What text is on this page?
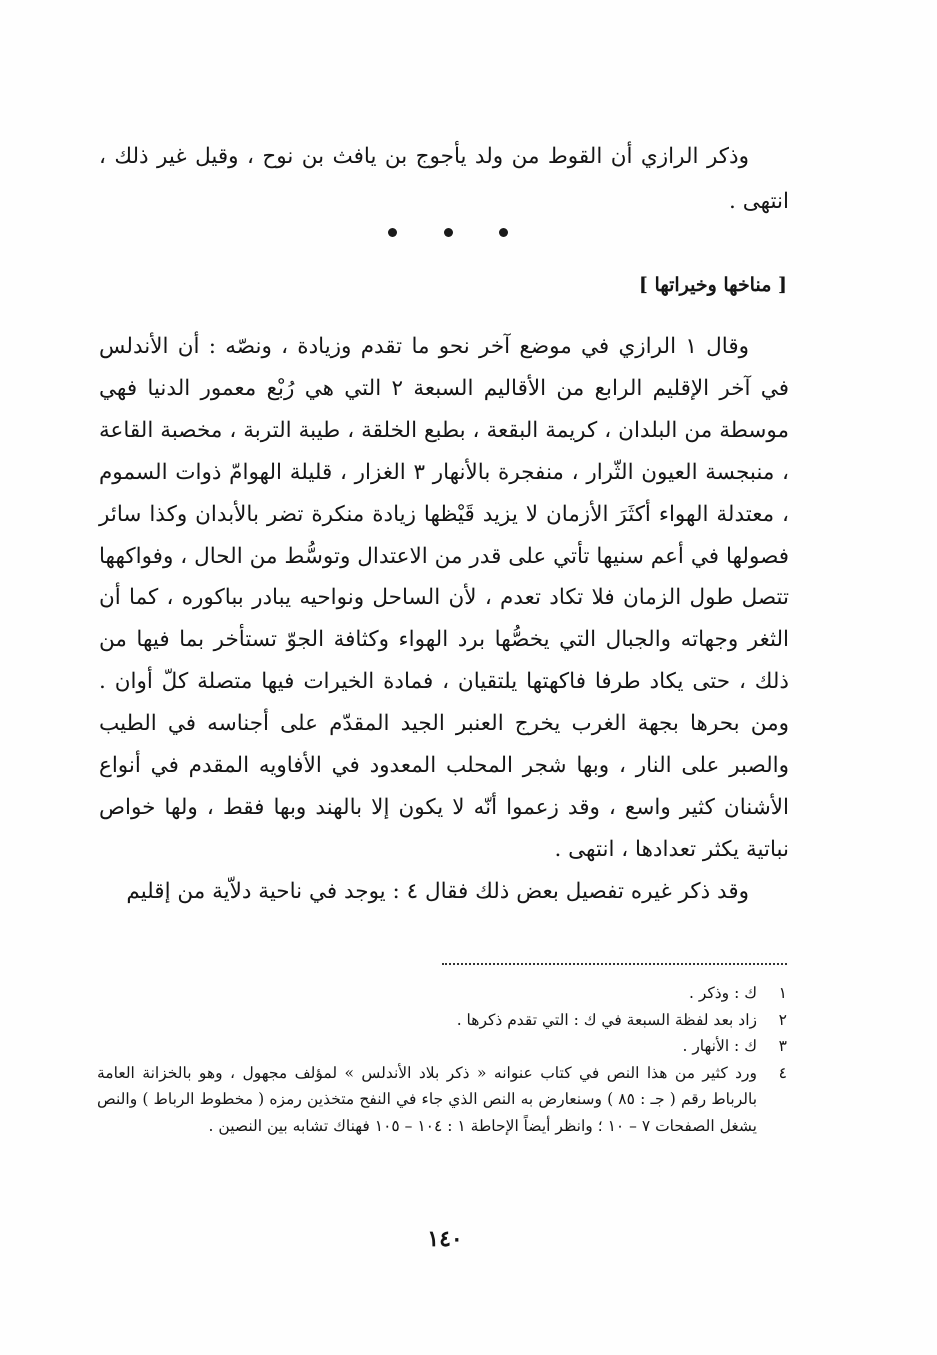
وذكر الرازي أن القوط من ولد يأجوج بن يافث بن نوح ، وقيل غير ذلك ، انتهى .
[ مناخها وخيراتها ]

وقال ١ الرازي في موضع آخر نحو ما تقدم وزيادة ، ونصّه : أن الأندلس في آخر الإقليم الرابع من الأقاليم السبعة ٢ التي هي رُبْع معمور الدنيا فهي موسطة من البلدان ، كريمة البقعة ، بطبع الخلقة ، طيبة التربة ، مخصبة القاعة ، منبجسة العيون الثّرار ، منفجرة بالأنهار ٣ الغزار ، قليلة الهوامّ ذوات السموم ، معتدلة الهواء أكثَرَ الأزمان لا يزيد قَيْظها زيادة منكرة تضر بالأبدان وكذا سائر فصولها في أعم سنيها تأتي على قدر من الاعتدال وتوسُّط من الحال ، وفواكهها تتصل طول الزمان فلا تكاد تعدم ، لأن الساحل ونواحيه يبادر بباكوره ، كما أن الثغر وجهاته والجبال التي يخصُّها برد الهواء وكثافة الجوّ تستأخر بما فيها من ذلك ، حتى يكاد طرفا فاكهتها يلتقيان ، فمادة الخيرات فيها متصلة كلّ أوان . ومن بحرها بجهة الغرب يخرج العنبر الجيد المقدّم على أجناسه في الطيب والصبر على النار ، وبها شجر المحلب المعدود في الأفاويه المقدم في أنواع الأشنان كثير واسع ، وقد زعموا أنّه لا يكون إلا بالهند وبها فقط ، ولها خواص نباتية يكثر تعدادها ، انتهى .

وقد ذكر غيره تفصيل بعض ذلك فقال ٤ : يوجد في ناحية دلاّية من إقليم

١
ك : وذكر .
٢
زاد بعد لفظة السبعة في ك : التي تقدم ذكرها .
٣
ك : الأنهار .
٤
ورد كثير من هذا النص في كتاب عنوانه « ذكر بلاد الأندلس » لمؤلف مجهول ، وهو بالخزانة العامة بالرباط رقم ( جـ : ٨٥ ) وسنعارض به النص الذي جاء في النفح متخذين رمزه ( مخطوط الرباط ) والنص يشغل الصفحات ٧ – ١٠ ؛ وانظر أيضاً الإحاطة ١ : ١٠٤ – ١٠٥ فهناك تشابه بين النصين .
١٤٠
